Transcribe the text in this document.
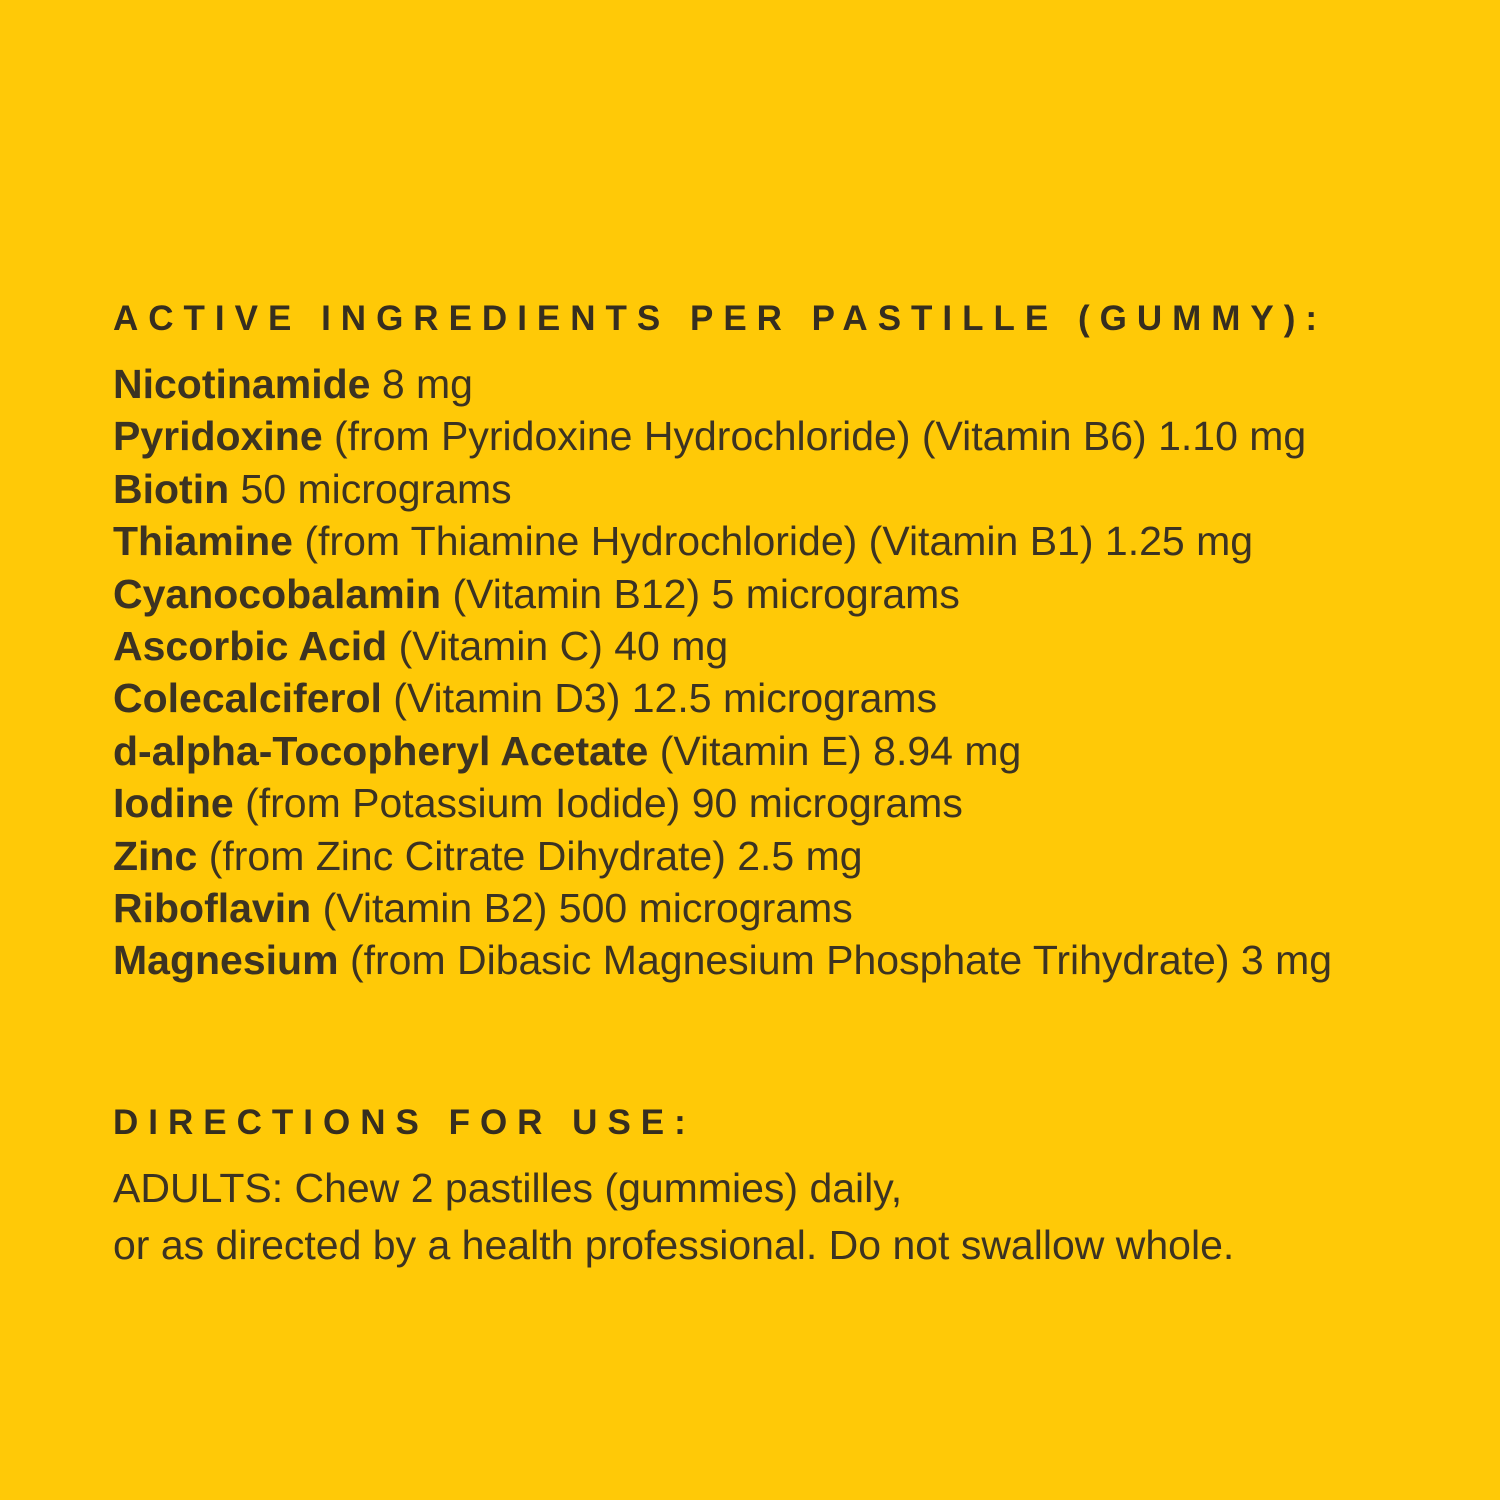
ACTIVE INGREDIENTS PER PASTILLE (GUMMY):
Nicotinamide 8 mg
Pyridoxine (from Pyridoxine Hydrochloride) (Vitamin B6) 1.10 mg
Biotin 50 micrograms
Thiamine (from Thiamine Hydrochloride) (Vitamin B1) 1.25 mg
Cyanocobalamin (Vitamin B12) 5 micrograms
Ascorbic Acid (Vitamin C) 40 mg
Colecalciferol (Vitamin D3) 12.5 micrograms
d-alpha-Tocopheryl Acetate (Vitamin E) 8.94 mg
Iodine (from Potassium Iodide) 90 micrograms
Zinc (from Zinc Citrate Dihydrate) 2.5 mg
Riboflavin (Vitamin B2) 500 micrograms
Magnesium (from Dibasic Magnesium Phosphate Trihydrate) 3 mg
DIRECTIONS FOR USE:
ADULTS: Chew 2 pastilles (gummies) daily,
or as directed by a health professional. Do not swallow whole.
